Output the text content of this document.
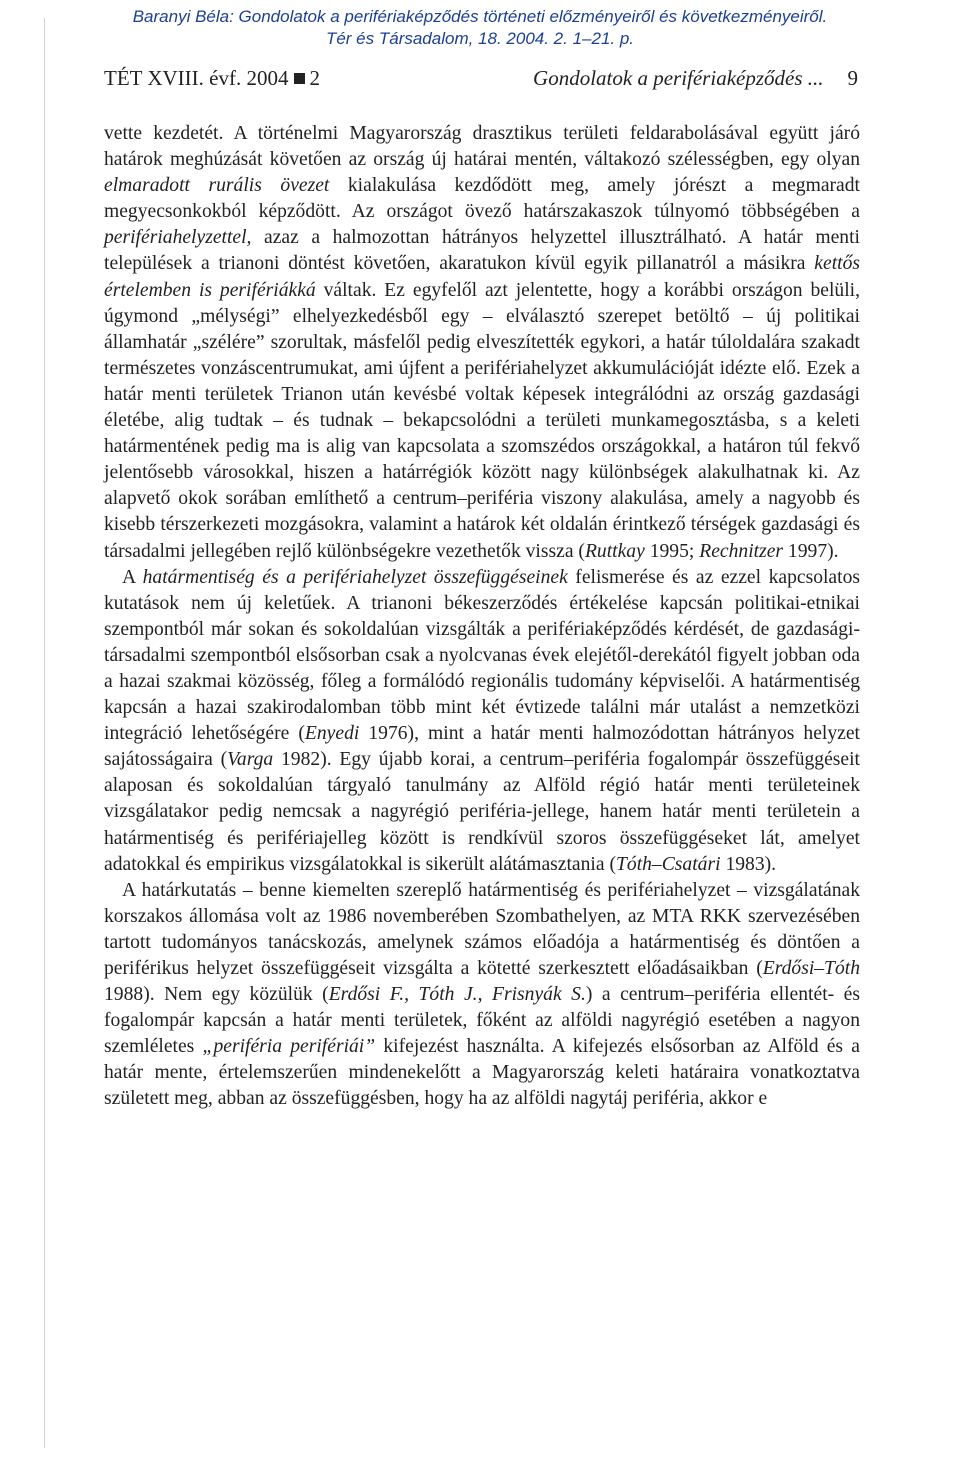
Baranyi Béla: Gondolatok a perifériaképződés történeti előzményeiről és következményeiről.
Tér és Társadalom, 18. 2004. 2. 1–21. p.
TÉT XVIII. évf. 2004 2	Gondolatok a perifériaképződés ... 9

vette kezdetét. A történelmi Magyarország drasztikus területi feldarabolásával együtt járó határok meghúzását követően az ország új határai mentén, váltakozó szélességben, egy olyan elmaradott rurális övezet kialakulása kezdődött meg, amely jórészt a megmaradt megyecsonkokból képződött. Az országot övező határszakaszok túlnyomó többségében a perifériahelyzettel, azaz a halmozottan hátrányos helyzettel illusztrálható. A határ menti települések a trianoni döntést követően, akaratukon kívül egyik pillanatról a másikra kettős értelemben is perifériákká váltak. Ez egyfelől azt jelentette, hogy a korábbi országon belüli, úgymond „mélységi” elhelyezkedésből egy – elválasztó szerepet betöltő – új politikai államhatár „szélére” szorultak, másfelől pedig elveszítették egykori, a határ túloldalára szakadt természetes vonzáscentrumukat, ami újfent a perifériahelyzet akkumulációját idézte elő. Ezek a határ menti területek Trianon után kevésbé voltak képesek integrálódni az ország gazdasági életébe, alig tudtak – és tudnak – bekapcsolódni a területi munkamegosztásba, s a keleti határmentének pedig ma is alig van kapcsolata a szomszédos országokkal, a határon túl fekvő jelentősebb városokkal, hiszen a határrégiók között nagy különbségek alakulhatnak ki. Az alapvető okok sorában említhető a centrum–periféria viszony alakulása, amely a nagyobb és kisebb térszerkezeti mozgásokra, valamint a határok két oldalán érintkező térségek gazdasági és társadalmi jellegében rejlő különbségekre vezethetők vissza (Ruttkay 1995; Rechnitzer 1997).

A határmentiség és a perifériahelyzet összefüggéseinek felismerése és az ezzel kapcsolatos kutatások nem új keletűek. A trianoni békeszerződés értékelése kapcsán politikai-etnikai szempontból már sokan és sokoldalúan vizsgálták a perifériaképződés kérdését, de gazdasági-társadalmi szempontból elsősorban csak a nyolcvanas évek elejétől-derekától figyelt jobban oda a hazai szakmai közösség, főleg a formálódó regionális tudomány képviselői. A határmentiség kapcsán a hazai szakirodalomban több mint két évtizede találni már utalást a nemzetközi integráció lehetőségére (Enyedi 1976), mint a határ menti halmozódottan hátrányos helyzet sajátosságaira (Varga 1982). Egy újabb korai, a centrum–periféria fogalompár összefüggéseit alaposan és sokoldalúan tárgyaló tanulmány az Alföld régió határ menti területeinek vizsgálatakor pedig nemcsak a nagyrégió periféria-jellege, hanem határ menti területein a határmentiség és perifériajelleg között is rendkívül szoros összefüggéseket lát, amelyet adatokkal és empirikus vizsgálatokkal is sikerült alátámasztania (Tóth–Csatári 1983).

A határkutatás – benne kiemelten szereplő határmentiség és perifériahelyzet – vizsgálatának korszakos állomása volt az 1986 novemberében Szombathelyen, az MTA RKK szervezésében tartott tudományos tanácskozás, amelynek számos előadója a határmentiség és döntően a periférikus helyzet összefüggéseit vizsgálta a kötetté szerkesztett előadásaikban (Erdősi–Tóth 1988). Nem egy közülük (Erdősi F., Tóth J., Frisnyák S.) a centrum–periféria ellentét- és fogalompár kapcsán a határ menti területek, főként az alföldi nagyrégió esetében a nagyon szemléletes „periféria perifériái” kifejezést használta. A kifejezés elsősorban az Alföld és a határ mente, értelemszerűen mindenekelőtt a Magyarország keleti határaira vonatkoztatva született meg, abban az összefüggésben, hogy ha az alföldi nagytáj periféria, akkor e
